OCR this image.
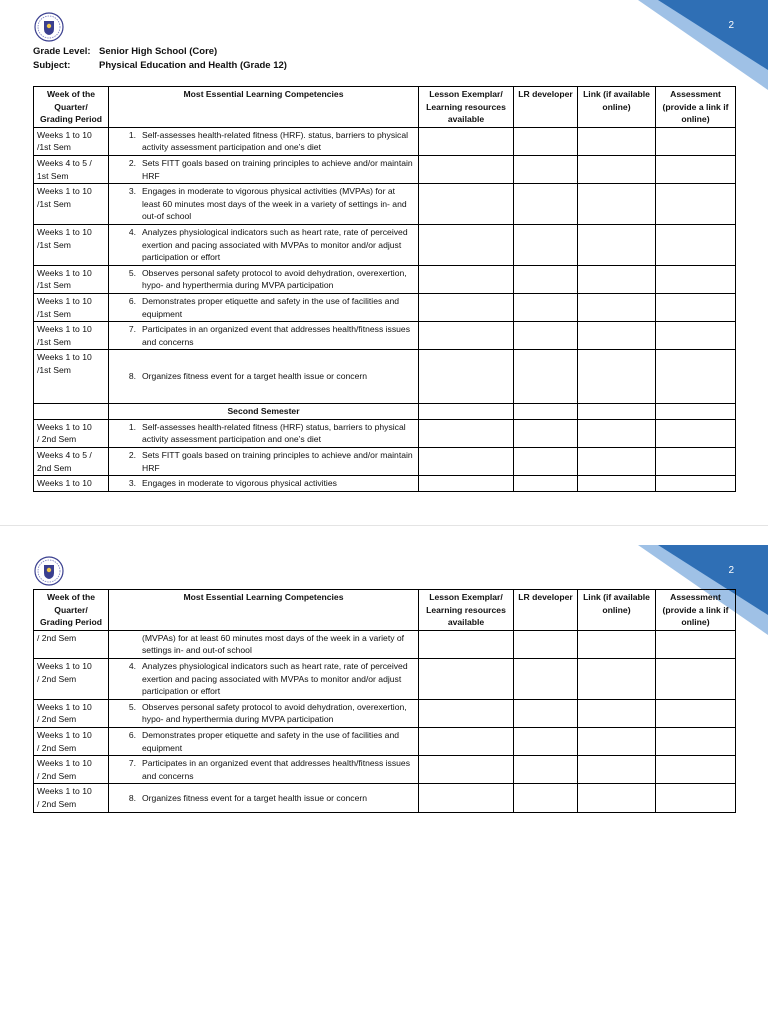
2
Grade Level: Senior High School (Core)
Subject:	Physical Education and Health (Grade 12)
Week of the Quarter/ Grading Period	Most Essential Learning Competencies	Lesson Exemplar/ Learning resources available	LR developer	Link (if available online)	Assessment (provide a link if online)
Weeks 1 to 10
/1st Sem	1. Self-assesses health-related fitness (HRF). status, barriers to physical activity assessment participation and one’s diet				

Weeks 4 to 5 /
1st Sem	2. Sets FITT goals based on training principles to achieve and/or maintain HRF				

Weeks 1 to 10
/1st Sem	3. Engages in moderate to vigorous physical activities (MVPAs) for at least 60 minutes most days of the week in a variety of settings in- and out-of school				

Weeks 1 to 10
/1st Sem	4. Analyzes physiological indicators such as heart rate, rate of perceived exertion and pacing associated with MVPAs to monitor and/or adjust participation or effort				

Weeks 1 to 10
/1st Sem	5. Observes personal safety protocol to avoid dehydration, overexertion, hypo- and hyperthermia during MVPA participation				

Weeks 1 to 10
/1st Sem	6. Demonstrates proper etiquette and safety in the use of facilities and equipment				

Weeks 1 to 10
/1st Sem	7. Participates in an organized event that addresses health/fitness issues and concerns				

Weeks 1 to 10
/1st Sem	8. Organizes fitness event for a target health issue or concern				

	Second Semester				
Weeks 1 to 10
/ 2nd Sem	1. Self-assesses health-related fitness (HRF) status, barriers to physical activity assessment participation and one’s diet				

Weeks 4 to 5 /
2nd Sem	2. Sets FITT goals based on training principles to achieve and/or maintain HRF				

Weeks 1 to 10	3. Engages in moderate to vigorous physical activities				

2
Week of the Quarter/ Grading Period	Most Essential Learning Competencies	Lesson Exemplar/ Learning resources available	LR developer	Link (if available online)	Assessment (provide a link if online)
/ 2nd Sem	(MVPAs) for at least 60 minutes most days of the week in a variety of settings in- and out-of school				

Weeks 1 to 10
/ 2nd Sem	4. Analyzes physiological indicators such as heart rate, rate of perceived exertion and pacing associated with MVPAs to monitor and/or adjust participation or effort				

Weeks 1 to 10
/ 2nd Sem	5. Observes personal safety protocol to avoid dehydration, overexertion, hypo- and hyperthermia during MVPA participation				

Weeks 1 to 10
/ 2nd Sem	6. Demonstrates proper etiquette and safety in the use of facilities and equipment				

Weeks 1 to 10
/ 2nd Sem	7. Participates in an organized event that addresses health/fitness issues and concerns				

Weeks 1 to 10
/ 2nd Sem	8. Organizes fitness event for a target health issue or concern				
